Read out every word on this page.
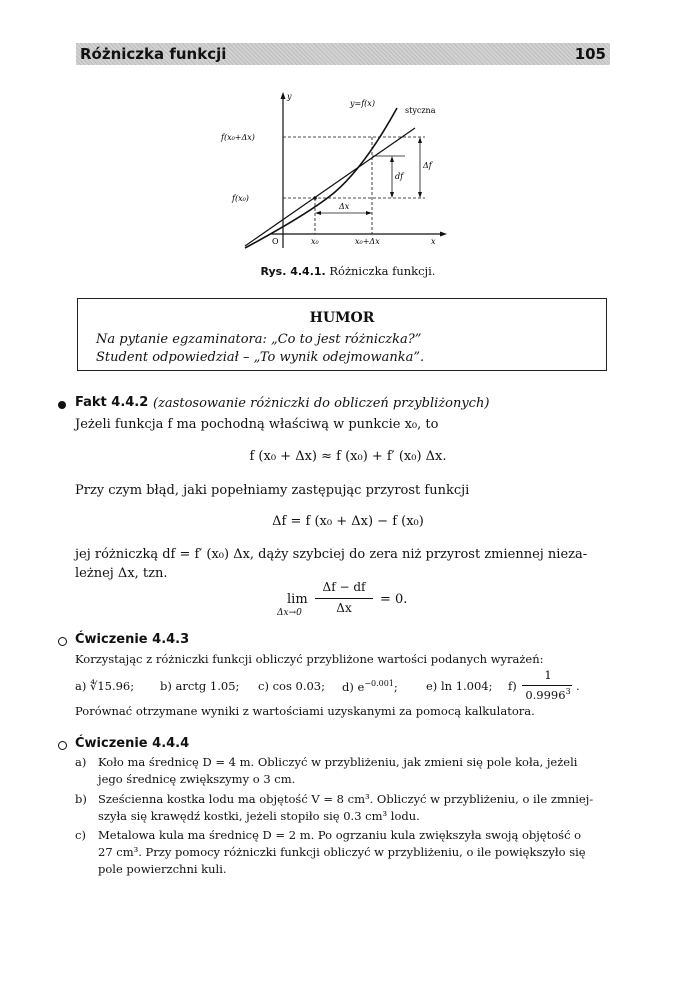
Różniczka funkcji	105
y
y=f(x)
styczna
f(x₀+Δx)
f(x₀)
O	x₀	x₀+Δx	x
Δx
df
Δf
Rys. 4.4.1. Różniczka funkcji.
HUMOR
Na pytanie egzaminatora: „Co to jest różniczka?”
Student odpowiedział – „To wynik odejmowanka”.
Fakt 4.4.2 (zastosowanie różniczki do obliczeń przybliżonych)
Jeżeli funkcja f ma pochodną właściwą w punkcie x₀, to
f (x₀ + Δx) ≈ f (x₀) + f′ (x₀) Δx.
Przy czym błąd, jaki popełniamy zastępując przyrost funkcji
Δf = f (x₀ + Δx) − f (x₀)
jej różniczką df = f′ (x₀) Δx, dąży szybciej do zera niż przyrost zmiennej nieza-
leżnej Δx, tzn.
lim
Δx→0
Δf − df
Δx
= 0.
Ćwiczenie 4.4.3
Korzystając z różniczki funkcji obliczyć przybliżone wartości podanych wyrażeń:
a) ∜15.96; b) arctg 1.05; c) cos 0.03; d) $e^{-0.001}$; e) ln 1.004; f)
1
0.9996$^3$ .
Porównać otrzymane wyniki z wartościami uzyskanymi za pomocą kalkulatora.
Ćwiczenie 4.4.4
a) Koło ma średnicę D = 4 m. Obliczyć w przybliżeniu, jak zmieni się pole koła, jeżeli
jego średnicę zwiększymy o 3 cm.
b) Sześcienna kostka lodu ma objętość V = 8 cm³. Obliczyć w przybliżeniu, o ile zmniej-
szyła się krawędź kostki, jeżeli stopiło się 0.3 cm³ lodu.
c) Metalowa kula ma średnicę D = 2 m. Po ogrzaniu kula zwiększyła swoją objętość o
27 cm³. Przy pomocy różniczki funkcji obliczyć w przybliżeniu, o ile powiększyło się
pole powierzchni kuli.
